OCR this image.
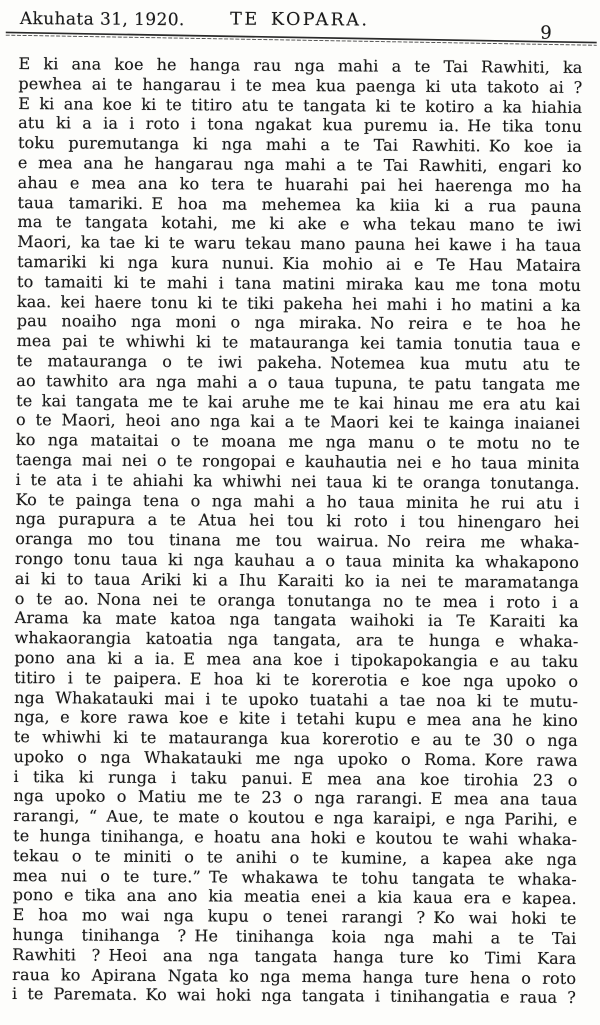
Akuhata 31, 1920.	TE KOPARA.
9
E ki ana koe he hanga rau nga mahi a te Tai Rawhiti, ka
pewhea ai te hangarau i te mea kua paenga ki uta takoto ai ?
E ki ana koe ki te titiro atu te tangata ki te kotiro a ka hiahia
atu ki a ia i roto i tona ngakat kua puremu ia. He tika tonu
toku puremutanga ki nga mahi a te Tai Rawhiti. Ko koe ia
e mea ana he hangarau nga mahi a te Tai Rawhiti, engari ko
ahau e mea ana ko tera te huarahi pai hei haerenga mo ha
taua tamariki. E hoa ma mehemea ka kiia ki a rua pauna
ma te tangata kotahi, me ki ake e wha tekau mano te iwi
Maori, ka tae ki te waru tekau mano pauna hei kawe i ha taua
tamariki ki nga kura nunui. Kia mohio ai e Te Hau Mataira
to tamaiti ki te mahi i tana matini miraka kau me tona motu
kaa. kei haere tonu ki te tiki pakeha hei mahi i ho matini a ka
pau noaiho nga moni o nga miraka. No reira e te hoa he
mea pai te whiwhi ki te matauranga kei tamia tonutia taua e
te matauranga o te iwi pakeha. Notemea kua mutu atu te
ao tawhito ara nga mahi a o taua tupuna, te patu tangata me
te kai tangata me te kai aruhe me te kai hinau me era atu kai
o te Maori, heoi ano nga kai a te Maori kei te kainga inaianei
ko nga mataitai o te moana me nga manu o te motu no te
taenga mai nei o te rongopai e kauhautia nei e ho taua minita
i te ata i te ahiahi ka whiwhi nei taua ki te oranga tonutanga.
Ko te painga tena o nga mahi a ho taua minita he rui atu i
nga purapura a te Atua hei tou ki roto i tou hinengaro hei
oranga mo tou tinana me tou wairua. No reira me whaka-
rongo tonu taua ki nga kauhau a o taua minita ka whakapono
ai ki to taua Ariki ki a Ihu Karaiti ko ia nei te maramatanga
o te ao. Nona nei te oranga tonutanga no te mea i roto i a
Arama ka mate katoa nga tangata waihoki ia Te Karaiti ka
whakaorangia katoatia nga tangata, ara te hunga e whaka-
pono ana ki a ia. E mea ana koe i tipokapokangia e au taku
titiro i te paipera. E hoa ki te korerotia e koe nga upoko o
nga Whakatauki mai i te upoko tuatahi a tae noa ki te mutu-
nga, e kore rawa koe e kite i tetahi kupu e mea ana he kino
te whiwhi ki te matauranga kua korerotio e au te 30 o nga
upoko o nga Whakatauki me nga upoko o Roma. Kore rawa
i tika ki runga i taku panui. E mea ana koe tirohia 23 o
nga upoko o Matiu me te 23 o nga rarangi. E mea ana taua
rarangi, “ Aue, te mate o koutou e nga karaipi, e nga Parihi, e
te hunga tinihanga, e hoatu ana hoki e koutou te wahi whaka-
tekau o te miniti o te anihi o te kumine, a kapea ake nga
mea nui o te ture.” Te whakawa te tohu tangata te whaka-
pono e tika ana ano kia meatia enei a kia kaua era e kapea.
E hoa mo wai nga kupu o tenei rarangi ? Ko wai hoki te
hunga tinihanga ? He tinihanga koia nga mahi a te Tai
Rawhiti ? Heoi ana nga tangata hanga ture ko Timi Kara
raua ko Apirana Ngata ko nga mema hanga ture hena o roto
i te Paremata. Ko wai hoki nga tangata i tinihangatia e raua ?
